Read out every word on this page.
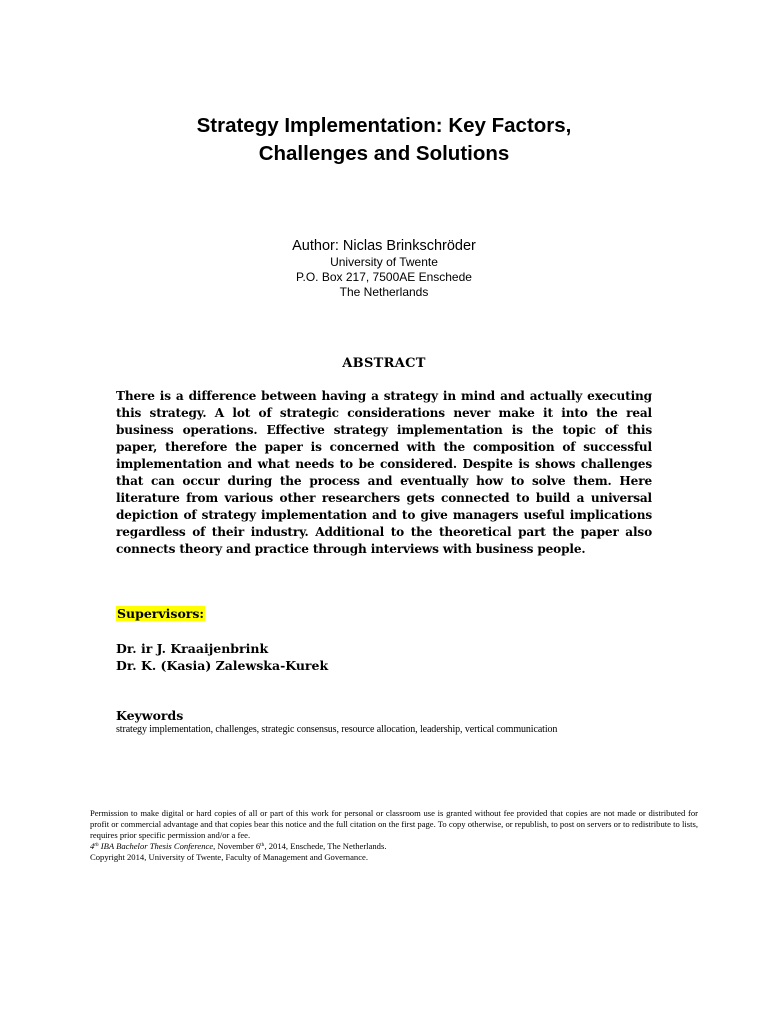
Strategy Implementation: Key Factors,
Challenges and Solutions
Author: Niclas Brinkschröder
University of Twente
P.O. Box 217, 7500AE Enschede
The Netherlands
ABSTRACT
There is a difference between having a strategy in mind and actually executing this strategy. A lot of strategic considerations never make it into the real business operations. Effective strategy implementation is the topic of this paper, therefore the paper is concerned with the composition of successful implementation and what needs to be considered. Despite is shows challenges that can occur during the process and eventually how to solve them. Here literature from various other researchers gets connected to build a universal depiction of strategy implementation and to give managers useful implications regardless of their industry. Additional to the theoretical part the paper also connects theory and practice through interviews with business people.
Supervisors:
Dr. ir J. Kraaijenbrink
Dr. K. (Kasia) Zalewska-Kurek
Keywords
strategy implementation, challenges, strategic consensus, resource allocation, leadership, vertical communication
Permission to make digital or hard copies of all or part of this work for personal or classroom use is granted without fee provided that copies are not made or distributed for profit or commercial advantage and that copies bear this notice and the full citation on the first page. To copy otherwise, or republish, to post on servers or to redistribute to lists, requires prior specific permission and/or a fee.
4th IBA Bachelor Thesis Conference, November 6th, 2014, Enschede, The Netherlands.
Copyright 2014, University of Twente, Faculty of Management and Governance.
